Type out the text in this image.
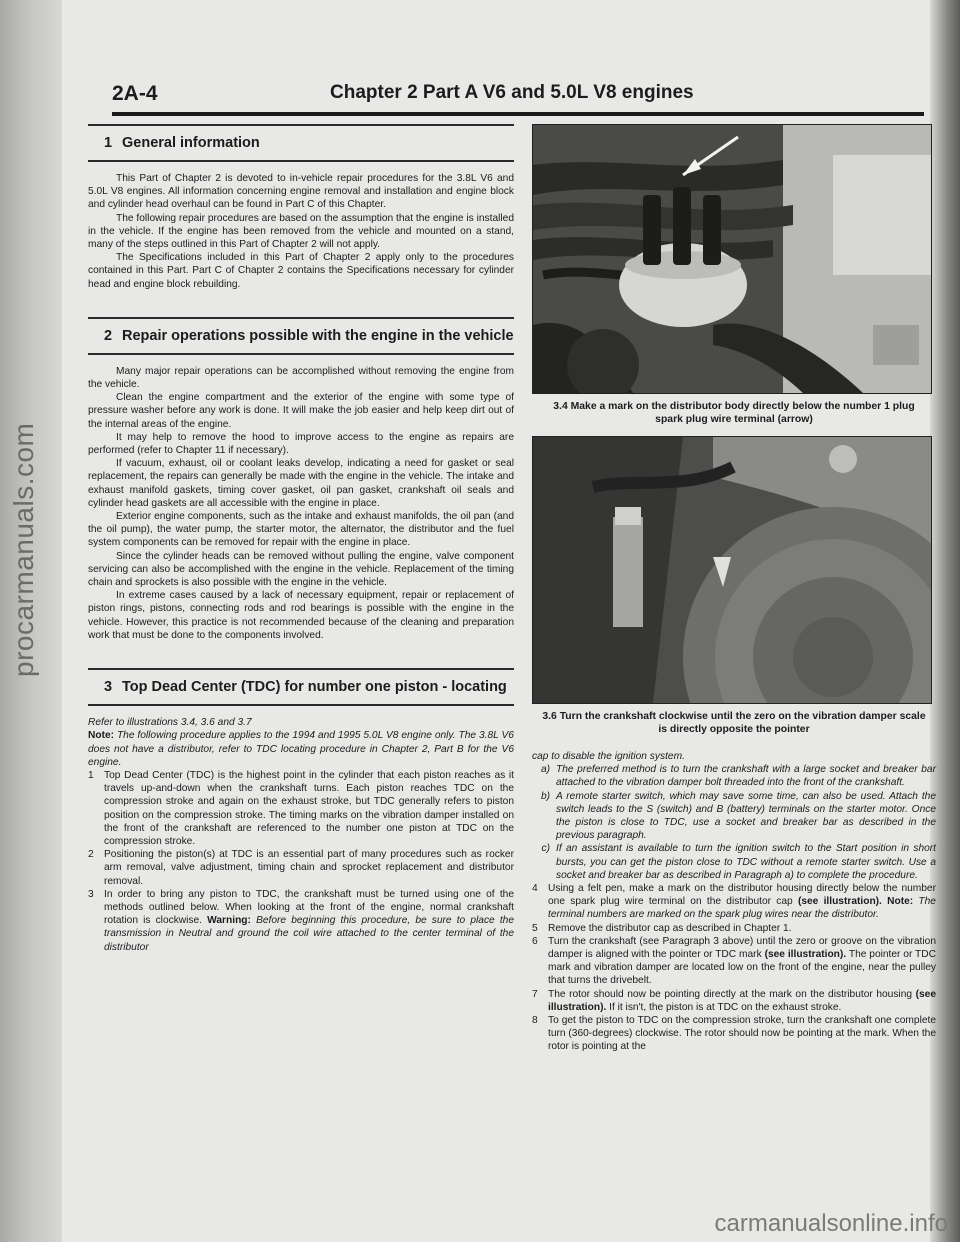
procarmanuals.com
2A-4	Chapter 2 Part A V6 and 5.0L V8 engines
1 General information

This Part of Chapter 2 is devoted to in-vehicle repair procedures for the 3.8L V6 and 5.0L V8 engines. All information concerning engine removal and installation and engine block and cylinder head overhaul can be found in Part C of this Chapter.

The following repair procedures are based on the assumption that the engine is installed in the vehicle. If the engine has been removed from the vehicle and mounted on a stand, many of the steps outlined in this Part of Chapter 2 will not apply.

The Specifications included in this Part of Chapter 2 apply only to the procedures contained in this Part. Part C of Chapter 2 contains the Specifications necessary for cylinder head and engine block rebuilding.

2 Repair operations possible with the engine in the vehicle

Many major repair operations can be accomplished without removing the engine from the vehicle.

Clean the engine compartment and the exterior of the engine with some type of pressure washer before any work is done. It will make the job easier and help keep dirt out of the internal areas of the engine.

It may help to remove the hood to improve access to the engine as repairs are performed (refer to Chapter 11 if necessary).

If vacuum, exhaust, oil or coolant leaks develop, indicating a need for gasket or seal replacement, the repairs can generally be made with the engine in the vehicle. The intake and exhaust manifold gaskets, timing cover gasket, oil pan gasket, crankshaft oil seals and cylinder head gaskets are all accessible with the engine in place.

Exterior engine components, such as the intake and exhaust manifolds, the oil pan (and the oil pump), the water pump, the starter motor, the alternator, the distributor and the fuel system components can be removed for repair with the engine in place.

Since the cylinder heads can be removed without pulling the engine, valve component servicing can also be accomplished with the engine in the vehicle. Replacement of the timing chain and sprockets is also possible with the engine in the vehicle.

In extreme cases caused by a lack of necessary equipment, repair or replacement of piston rings, pistons, connecting rods and rod bearings is possible with the engine in the vehicle. However, this practice is not recommended because of the cleaning and preparation work that must be done to the components involved.

3 Top Dead Center (TDC) for number one piston - locating

Refer to illustrations 3.4, 3.6 and 3.7

Note: The following procedure applies to the 1994 and 1995 5.0L V8 engine only. The 3.8L V6 does not have a distributor, refer to TDC locating procedure in Chapter 2, Part B for the V6 engine.

1	Top Dead Center (TDC) is the highest point in the cylinder that each piston reaches as it travels up-and-down when the crankshaft turns. Each piston reaches TDC on the compression stroke and again on the exhaust stroke, but TDC generally refers to piston position on the compression stroke. The timing marks on the vibration damper installed on the front of the crankshaft are referenced to the number one piston at TDC on the compression stroke.
2	Positioning the piston(s) at TDC is an essential part of many procedures such as rocker arm removal, valve adjustment, timing chain and sprocket replacement and distributor removal.
3	In order to bring any piston to TDC, the crankshaft must be turned using one of the methods outlined below. When looking at the front of the engine, normal crankshaft rotation is clockwise. Warning: Before beginning this procedure, be sure to place the transmission in Neutral and ground the coil wire attached to the center terminal of the distributor
3.4 Make a mark on the distributor body directly below the number 1 plug spark plug wire terminal (arrow)
3.6 Turn the crankshaft clockwise until the zero on the vibration damper scale is directly opposite the pointer

cap to disable the ignition system.

a) The preferred method is to turn the crankshaft with a large socket and breaker bar attached to the vibration damper bolt threaded into the front of the crankshaft.
b) A remote starter switch, which may save some time, can also be used. Attach the switch leads to the S (switch) and B (battery) terminals on the starter motor. Once the piston is close to TDC, use a socket and breaker bar as described in the previous paragraph.
c) If an assistant is available to turn the ignition switch to the Start position in short bursts, you can get the piston close to TDC without a remote starter switch. Use a socket and breaker bar as described in Paragraph a) to complete the procedure.
4	Using a felt pen, make a mark on the distributor housing directly below the number one spark plug wire terminal on the distributor cap (see illustration). Note: The terminal numbers are marked on the spark plug wires near the distributor.
5	Remove the distributor cap as described in Chapter 1.
6	Turn the crankshaft (see Paragraph 3 above) until the zero or groove on the vibration damper is aligned with the pointer or TDC mark (see illustration). The pointer or TDC mark and vibration damper are located low on the front of the engine, near the pulley that turns the drivebelt.
7	The rotor should now be pointing directly at the mark on the distributor housing (see illustration). If it isn't, the piston is at TDC on the exhaust stroke.
8	To get the piston to TDC on the compression stroke, turn the crankshaft one complete turn (360-degrees) clockwise. The rotor should now be pointing at the mark. When the rotor is pointing at the
carmanualsonline.info
